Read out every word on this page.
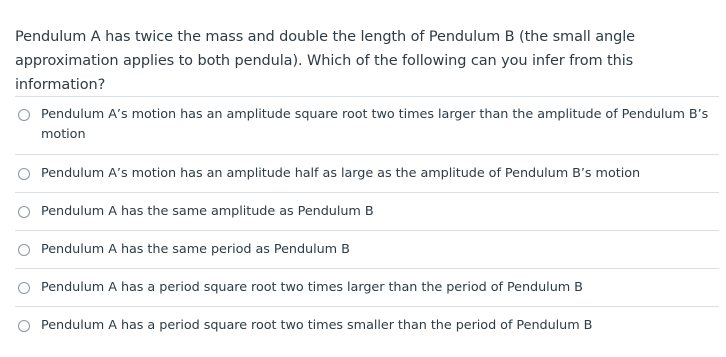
Pendulum A has twice the mass and double the length of Pendulum B (the small angle approximation applies to both pendula). Which of the following can you infer from this information?
Pendulum A’s motion has an amplitude square root two times larger than the amplitude of Pendulum B’s motion
Pendulum A’s motion has an amplitude half as large as the amplitude of Pendulum B’s motion
Pendulum A has the same amplitude as Pendulum B
Pendulum A has the same period as Pendulum B
Pendulum A has a period square root two times larger than the period of Pendulum B
Pendulum A has a period square root two times smaller than the period of Pendulum B
